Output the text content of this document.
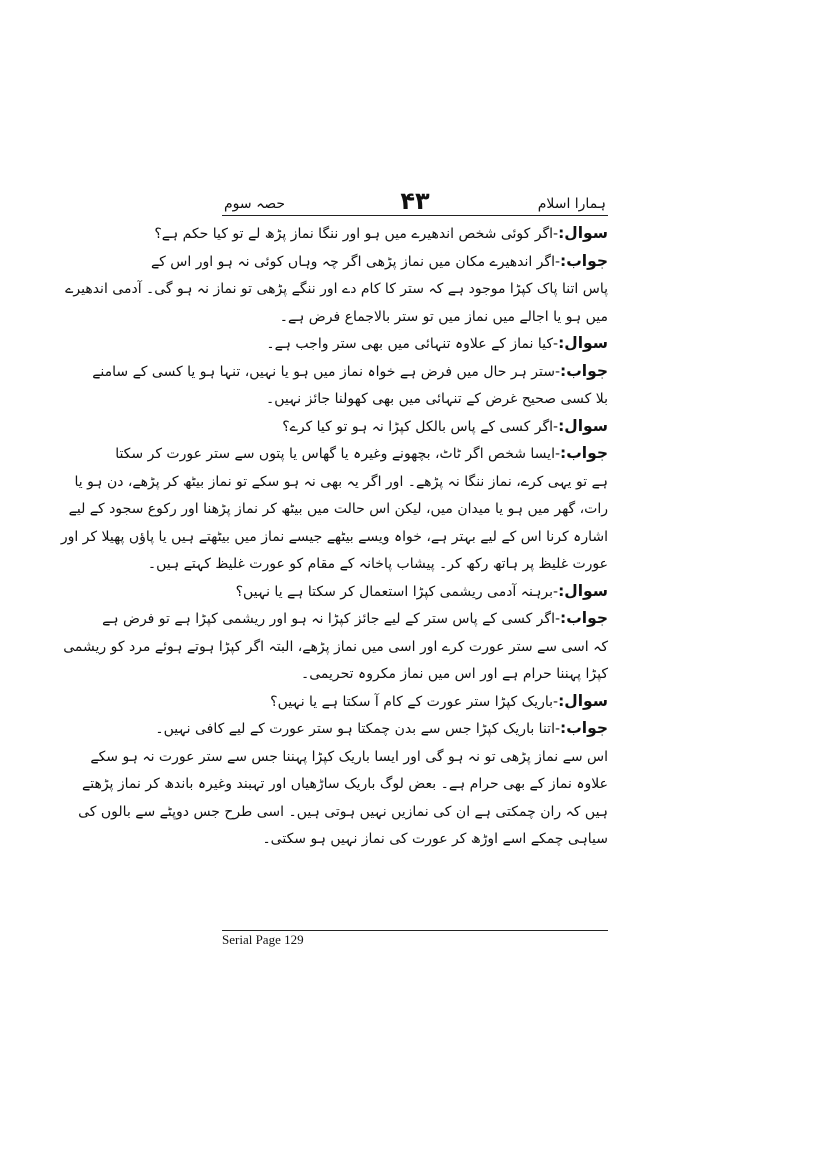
حصہ سوم	۴۳	ہمارا اسلام
سوال:-اگر کوئی شخص اندھیرے میں ہو اور ننگا نماز پڑھ لے تو کیا حکم ہے؟
جواب:-اگر اندھیرے مکان میں نماز پڑھی اگر چہ وہاں کوئی نہ ہو اور اس کے
پاس اتنا پاک کپڑا موجود ہے کہ ستر کا کام دے اور ننگے پڑھی تو نماز نہ ہو گی۔ آدمی اندھیرے
میں ہو یا اجالے میں نماز میں تو ستر بالاجماع فرض ہے۔
سوال:-کیا نماز کے علاوہ تنہائی میں بھی ستر واجب ہے۔
جواب:-ستر ہر حال میں فرض ہے خواہ نماز میں ہو یا نہیں، تنہا ہو یا کسی کے سامنے
بلا کسی صحیح غرض کے تنہائی میں بھی کھولنا جائز نہیں۔
سوال:-اگر کسی کے پاس بالکل کپڑا نہ ہو تو کیا کرے؟
جواب:-ایسا شخص اگر ٹاٹ، بچھونے وغیرہ یا گھاس یا پتوں سے ستر عورت کر سکتا
ہے تو یہی کرے، نماز ننگا نہ پڑھے۔ اور اگر یہ بھی نہ ہو سکے تو نماز بیٹھ کر پڑھے، دن ہو یا
رات، گھر میں ہو یا میدان میں، لیکن اس حالت میں بیٹھ کر نماز پڑھنا اور رکوع سجود کے لیے
اشارہ کرنا اس کے لیے بہتر ہے، خواہ ویسے بیٹھے جیسے نماز میں بیٹھتے ہیں یا پاؤں پھیلا کر اور
عورت غلیظ پر ہاتھ رکھ کر۔ پیشاب پاخانہ کے مقام کو عورت غلیظ کہتے ہیں۔
سوال:-برہنہ آدمی ریشمی کپڑا استعمال کر سکتا ہے یا نہیں؟
جواب:-اگر کسی کے پاس ستر کے لیے جائز کپڑا نہ ہو اور ریشمی کپڑا ہے تو فرض ہے
کہ اسی سے ستر عورت کرے اور اسی میں نماز پڑھے، البتہ اگر کپڑا ہوتے ہوئے مرد کو ریشمی
کپڑا پہننا حرام ہے اور اس میں نماز مکروہ تحریمی۔
سوال:-باریک کپڑا ستر عورت کے کام آ سکتا ہے یا نہیں؟
جواب:-اتنا باریک کپڑا جس سے بدن چمکتا ہو ستر عورت کے لیے کافی نہیں۔
اس سے نماز پڑھی تو نہ ہو گی اور ایسا باریک کپڑا پہننا جس سے ستر عورت نہ ہو سکے
علاوہ نماز کے بھی حرام ہے۔ بعض لوگ باریک ساڑھیاں اور تہبند وغیرہ باندھ کر نماز پڑھتے
ہیں کہ ران چمکتی ہے ان کی نمازیں نہیں ہوتی ہیں۔ اسی طرح جس دوپٹے سے بالوں کی
سیاہی چمکے اسے اوڑھ کر عورت کی نماز نہیں ہو سکتی۔
Serial Page 129
